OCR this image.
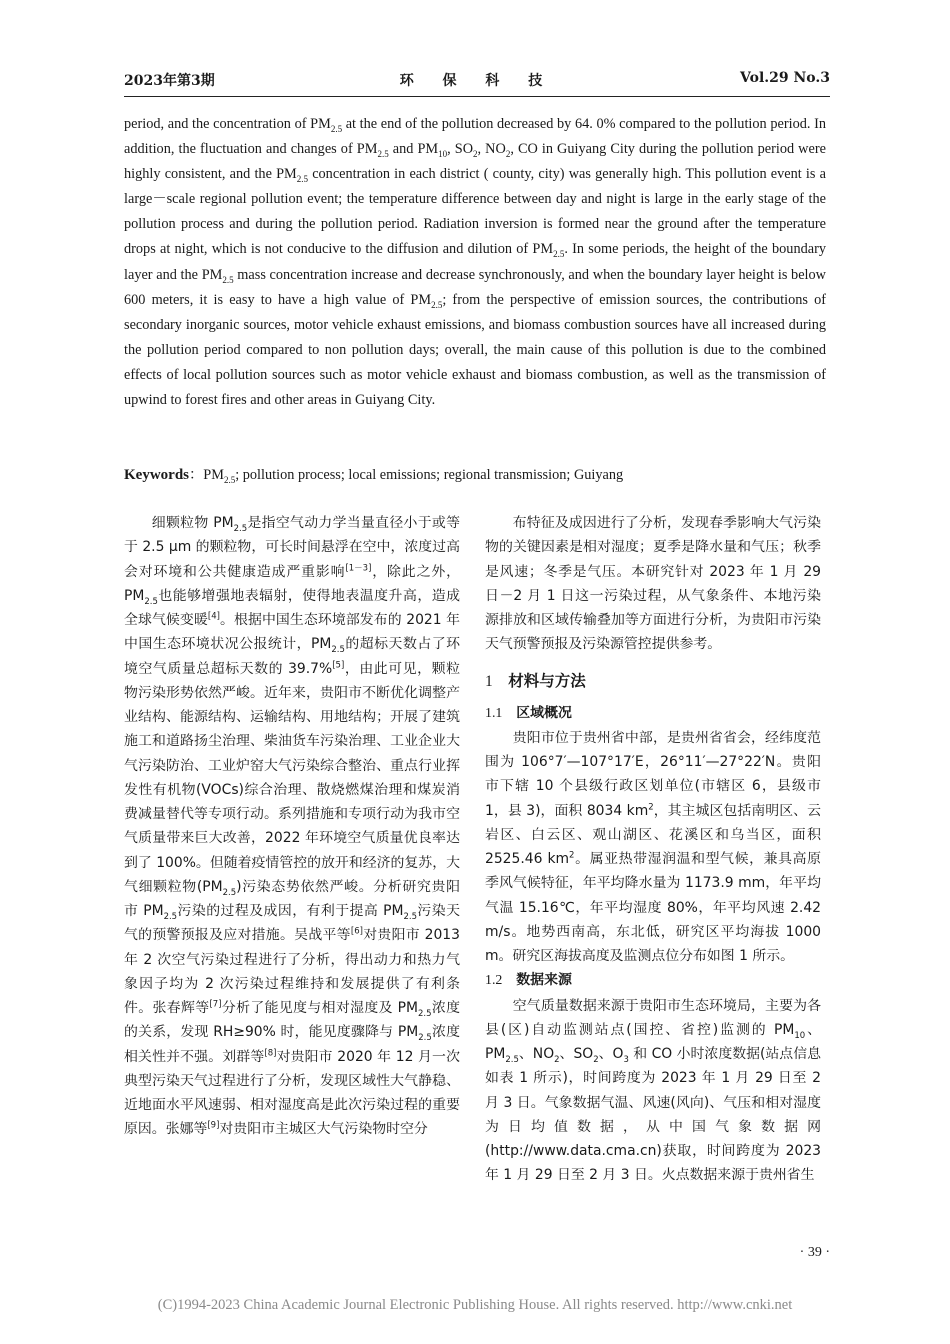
2023年第3期	环 保 科 技	Vol.29 No.3

period, and the concentration of $PM_{2.5}$ at the end of the pollution decreased by 64. 0% compared to the pollution period. In addition, the fluctuation and changes of $PM_{2.5}$ and $PM_{10}$, $SO_2$, $NO_2$, CO in Guiyang City during the pollution period were highly consistent, and the $PM_{2.5}$ concentration in each district ( county, city) was generally high. This pollution event is a large－scale regional pollution event; the temperature difference between day and night is large in the early stage of the pollution process and during the pollution period. Radiation inversion is formed near the ground after the temperature drops at night, which is not conducive to the diffusion and dilution of $PM_{2.5}$. In some periods, the height of the boundary layer and the $PM_{2.5}$ mass concentration increase and decrease synchronously, and when the boundary layer height is below 600 meters, it is easy to have a high value of $PM_{2.5}$; from the perspective of emission sources, the contributions of secondary inorganic sources, motor vehicle exhaust emissions, and biomass combustion sources have all increased during the pollution period compared to non pollution days; overall, the main cause of this pollution is due to the combined effects of local pollution sources such as motor vehicle exhaust and biomass combustion, as well as the transmission of upwind to forest fires and other areas in Guiyang City.

Keywords：$PM_{2.5}$; pollution process; local emissions; regional transmission; Guiyang

细颗粒物 $PM_{2.5}$是指空气动力学当量直径小于或等于 2.5 μm 的颗粒物，可长时间悬浮在空中，浓度过高会对环境和公共健康造成严重影响[1－3]，除此之外，$PM_{2.5}$也能够增强地表辐射，使得地表温度升高，造成全球气候变暖[4]。根据中国生态环境部发布的 2021 年中国生态环境状况公报统计，$PM_{2.5}$的超标天数占了环境空气质量总超标天数的 39.7%[5]，由此可见，颗粒物污染形势依然严峻。近年来，贵阳市不断优化调整产业结构、能源结构、运输结构、用地结构；开展了建筑施工和道路扬尘治理、柴油货车污染治理、工业企业大气污染防治、工业炉窑大气污染综合整治、重点行业挥发性有机物(VOCs)综合治理、散烧燃煤治理和煤炭消费减量替代等专项行动。系列措施和专项行动为我市空气质量带来巨大改善，2022 年环境空气质量优良率达到了 100%。但随着疫情管控的放开和经济的复苏，大气细颗粒物$(PM_{2.5})$污染态势依然严峻。分析研究贵阳市 $PM_{2.5}$污染的过程及成因，有利于提高 $PM_{2.5}$污染天气的预警预报及应对措施。吴战平等[6]对贵阳市 2013 年 2 次空气污染过程进行了分析，得出动力和热力气象因子均为 2 次污染过程维持和发展提供了有利条件。张春辉等[7]分析了能见度与相对湿度及 $PM_{2.5}$浓度的关系，发现 RH≥90% 时，能见度骤降与 $PM_{2.5}$浓度相关性并不强。刘群等[8]对贵阳市 2020 年 12 月一次典型污染天气过程进行了分析，发现区域性大气静稳、近地面水平风速弱、相对湿度高是此次污染过程的重要原因。张娜等[9]对贵阳市主城区大气污染物时空分

布特征及成因进行了分析，发现春季影响大气污染物的关键因素是相对湿度；夏季是降水量和气压；秋季是风速；冬季是气压。本研究针对 2023 年 1 月 29 日－2 月 1 日这一污染过程，从气象条件、本地污染源排放和区域传输叠加等方面进行分析，为贵阳市污染天气预警预报及污染源管控提供参考。

1　 材料与方法

1.1　 区域概况

贵阳市位于贵州省中部，是贵州省省会，经纬度范围为 106°7′—107°17′E，26°11′—27°22′N。贵阳市下辖 10 个县级行政区划单位(市辖区 6，县级市 1，县 3)，面积 8034 $km^2$，其主城区包括南明区、云岩区、白云区、观山湖区、花溪区和乌当区，面积 2525.46 $km^2$。属亚热带湿润温和型气候，兼具高原季风气候特征，年平均降水量为 1173.9 mm，年平均气温 15.16℃，年平均湿度 80%，年平均风速 2.42 m/s。地势西南高，东北低，研究区平均海拔 1000 m。研究区海拔高度及监测点位分布如图 1 所示。

1.2　 数据来源

空气质量数据来源于贵阳市生态环境局，主要为各县(区)自动监测站点(国控、省控)监测的 $PM_{10}$、$PM_{2.5}$、$NO_2$、$SO_2$、$O_3$ 和 CO 小时浓度数据(站点信息如表 1 所示)，时间跨度为 2023 年 1 月 29 日至 2 月 3 日。气象数据气温、风速(风向)、气压和相对湿度为日均值数据，从中国气象数据网(http://www.data.cma.cn)获取，时间跨度为 2023 年 1 月 29 日至 2 月 3 日。火点数据来源于贵州省生

· 39 ·
(C)1994-2023 China Academic Journal Electronic Publishing House. All rights reserved. http://www.cnki.net
